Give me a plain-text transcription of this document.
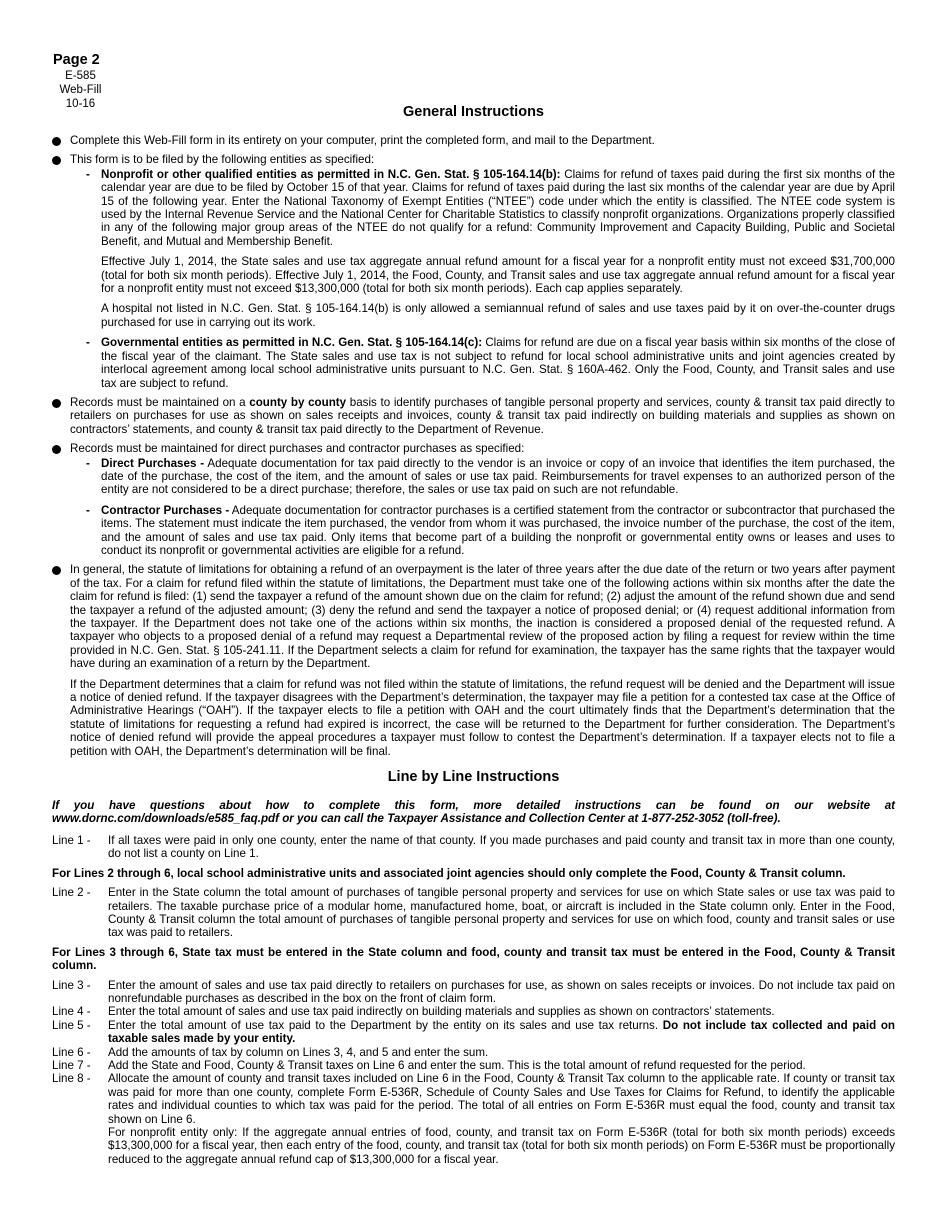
Page 2
E-585
Web-Fill
10-16	General Instructions

Complete this Web-Fill form in its entirety on your computer, print the completed form, and mail to the Department.

This form is to be filed by the following entities as specified:

- Nonprofit or other qualified entities as permitted in N.C. Gen. Stat. § 105-164.14(b): Claims for refund of taxes paid during the first six months of the calendar year are due to be filed by October 15 of that year. Claims for refund of taxes paid during the last six months of the calendar year are due by April 15 of the following year. Enter the National Taxonomy of Exempt Entities (“NTEE”) code under which the entity is classified. The NTEE code system is used by the Internal Revenue Service and the National Center for Charitable Statistics to classify nonprofit organizations. Organizations properly classified in any of the following major group areas of the NTEE do not qualify for a refund: Community Improvement and Capacity Building, Public and Societal Benefit, and Mutual and Membership Benefit.

Effective July 1, 2014, the State sales and use tax aggregate annual refund amount for a fiscal year for a nonprofit entity must not exceed $31,700,000 (total for both six month periods). Effective July 1, 2014, the Food, County, and Transit sales and use tax aggregate annual refund amount for a fiscal year for a nonprofit entity must not exceed $13,300,000 (total for both six month periods). Each cap applies separately.

A hospital not listed in N.C. Gen. Stat. § 105-164.14(b) is only allowed a semiannual refund of sales and use taxes paid by it on over-the-counter drugs purchased for use in carrying out its work.

- Governmental entities as permitted in N.C. Gen. Stat. § 105-164.14(c): Claims for refund are due on a fiscal year basis within six months of the close of the fiscal year of the claimant. The State sales and use tax is not subject to refund for local school administrative units and joint agencies created by interlocal agreement among local school administrative units pursuant to N.C. Gen. Stat. § 160A-462. Only the Food, County, and Transit sales and use tax are subject to refund.

Records must be maintained on a county by county basis to identify purchases of tangible personal property and services, county & transit tax paid directly to retailers on purchases for use as shown on sales receipts and invoices, county & transit tax paid indirectly on building materials and supplies as shown on contractors’ statements, and county & transit tax paid directly to the Department of Revenue.

Records must be maintained for direct purchases and contractor purchases as specified:

- Direct Purchases - Adequate documentation for tax paid directly to the vendor is an invoice or copy of an invoice that identifies the item purchased, the date of the purchase, the cost of the item, and the amount of sales or use tax paid. Reimbursements for travel expenses to an authorized person of the entity are not considered to be a direct purchase; therefore, the sales or use tax paid on such are not refundable.

- Contractor Purchases - Adequate documentation for contractor purchases is a certified statement from the contractor or subcontractor that purchased the items. The statement must indicate the item purchased, the vendor from whom it was purchased, the invoice number of the purchase, the cost of the item, and the amount of sales and use tax paid. Only items that become part of a building the nonprofit or governmental entity owns or leases and uses to conduct its nonprofit or governmental activities are eligible for a refund.

In general, the statute of limitations for obtaining a refund of an overpayment is the later of three years after the due date of the return or two years after payment of the tax. For a claim for refund filed within the statute of limitations, the Department must take one of the following actions within six months after the date the claim for refund is filed: (1) send the taxpayer a refund of the amount shown due on the claim for refund; (2) adjust the amount of the refund shown due and send the taxpayer a refund of the adjusted amount; (3) deny the refund and send the taxpayer a notice of proposed denial; or (4) request additional information from the taxpayer. If the Department does not take one of the actions within six months, the inaction is considered a proposed denial of the requested refund. A taxpayer who objects to a proposed denial of a refund may request a Departmental review of the proposed action by filing a request for review within the time provided in N.C. Gen. Stat. § 105-241.11. If the Department selects a claim for refund for examination, the taxpayer has the same rights that the taxpayer would have during an examination of a return by the Department.

If the Department determines that a claim for refund was not filed within the statute of limitations, the refund request will be denied and the Department will issue a notice of denied refund. If the taxpayer disagrees with the Department’s determination, the taxpayer may file a petition for a contested tax case at the Office of Administrative Hearings (“OAH”). If the taxpayer elects to file a petition with OAH and the court ultimately finds that the Department’s determination that the statute of limitations for requesting a refund had expired is incorrect, the case will be returned to the Department for further consideration. The Department’s notice of denied refund will provide the appeal procedures a taxpayer must follow to contest the Department’s determination. If a taxpayer elects not to file a petition with OAH, the Department’s determination will be final.

Line by Line Instructions

If you have questions about how to complete this form, more detailed instructions can be found on our website at www.dornc.com/downloads/e585_faq.pdf or you can call the Taxpayer Assistance and Collection Center at 1-877-252-3052 (toll-free).

Line 1 -	If all taxes were paid in only one county, enter the name of that county. If you made purchases and paid county and transit tax in more than one county, do not list a county on Line 1.

For Lines 2 through 6, local school administrative units and associated joint agencies should only complete the Food, County & Transit column.

Line 2 -	Enter in the State column the total amount of purchases of tangible personal property and services for use on which State sales or use tax was paid to retailers. The taxable purchase price of a modular home, manufactured home, boat, or aircraft is included in the State column only. Enter in the Food, County & Transit column the total amount of purchases of tangible personal property and services for use on which food, county and transit sales or use tax was paid to retailers.

For Lines 3 through 6, State tax must be entered in the State column and food, county and transit tax must be entered in the Food, County & Transit column.

Line 3 -	Enter the amount of sales and use tax paid directly to retailers on purchases for use, as shown on sales receipts or invoices. Do not include tax paid on nonrefundable purchases as described in the box on the front of claim form.
Line 4 -	Enter the total amount of sales and use tax paid indirectly on building materials and supplies as shown on contractors’ statements.
Line 5 -	Enter the total amount of use tax paid to the Department by the entity on its sales and use tax returns. Do not include tax collected and paid on taxable sales made by your entity.
Line 6 -	Add the amounts of tax by column on Lines 3, 4, and 5 and enter the sum.
Line 7 -	Add the State and Food, County & Transit taxes on Line 6 and enter the sum. This is the total amount of refund requested for the period.
Line 8 -	Allocate the amount of county and transit taxes included on Line 6 in the Food, County & Transit Tax column to the applicable rate. If county or transit tax was paid for more than one county, complete Form E-536R, Schedule of County Sales and Use Taxes for Claims for Refund, to identify the applicable rates and individual counties to which tax was paid for the period. The total of all entries on Form E-536R must equal the food, county and transit tax shown on Line 6.
For nonprofit entity only: If the aggregate annual entries of food, county, and transit tax on Form E-536R (total for both six month periods) exceeds $13,300,000 for a fiscal year, then each entry of the food, county, and transit tax (total for both six month periods) on Form E-536R must be proportionally reduced to the aggregate annual refund cap of $13,300,000 for a fiscal year.
